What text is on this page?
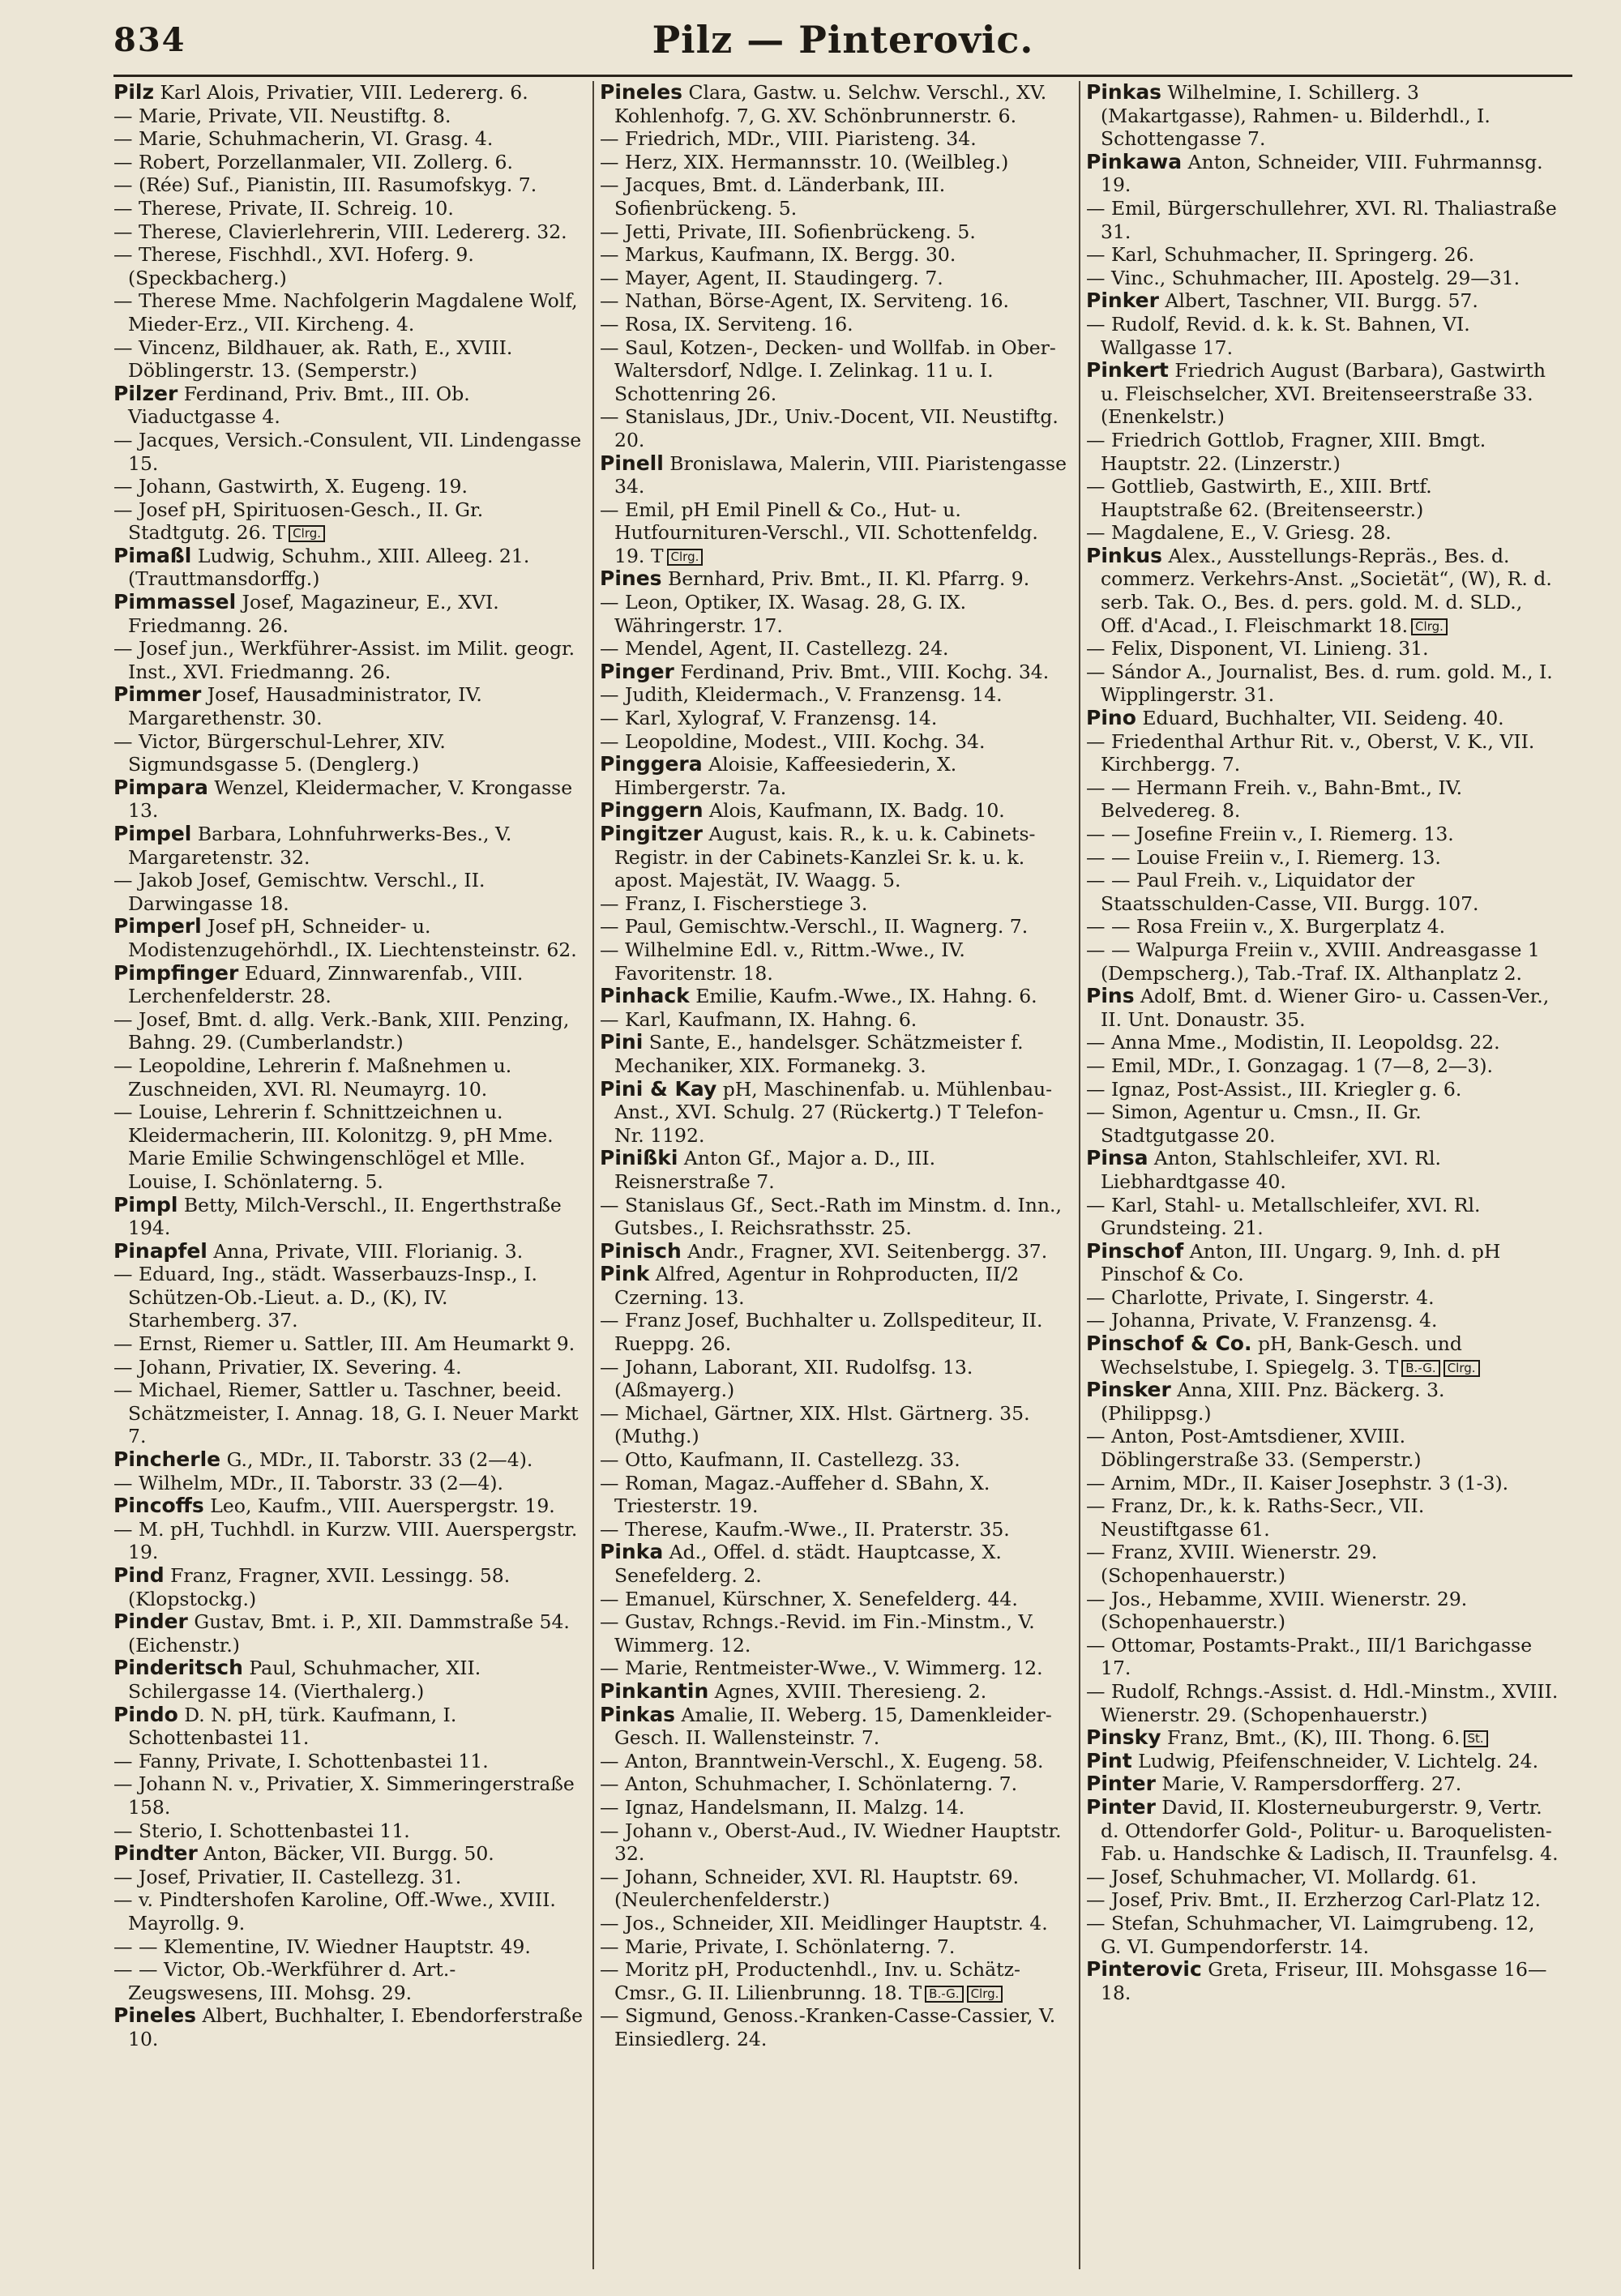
834	Pilz — Pinterovic.

Pilz Karl Alois, Privatier, VIII. Ledererg. 6.

— Marie, Private, VII. Neustiftg. 8.

— Marie, Schuhmacherin, VI. Grasg. 4.

— Robert, Porzellanmaler, VII. Zollerg. 6.

— (Rée) Suf., Pianistin, III. Rasumofskyg. 7.

— Therese, Private, II. Schreig. 10.

— Therese, Clavierlehrerin, VIII. Ledererg. 32.

— Therese, Fischhdl., XVI. Hoferg. 9. (Speckbacherg.)

— Therese Mme. Nachfolgerin Magdalene Wolf, Mieder-Erz., VII. Kircheng. 4.

— Vincenz, Bildhauer, ak. Rath, E., XVIII. Döblingerstr. 13. (Semperstr.)

Pilzer Ferdinand, Priv. Bmt., III. Ob. Viaductgasse 4.

— Jacques, Versich.-Consulent, VII. Lindengasse 15.

— Johann, Gastwirth, X. Eugeng. 19.

— Josef pH, Spirituosen-Gesch., II. Gr. Stadtgutg. 26. T Clrg.

Pimaßl Ludwig, Schuhm., XIII. Alleeg. 21. (Trauttmansdorffg.)

Pimmassel Josef, Magazineur, E., XVI. Friedmanng. 26.

— Josef jun., Werkführer-Assist. im Milit. geogr. Inst., XVI. Friedmanng. 26.

Pimmer Josef, Hausadministrator, IV. Margarethenstr. 30.

— Victor, Bürgerschul-Lehrer, XIV. Sigmundsgasse 5. (Denglerg.)

Pimpara Wenzel, Kleidermacher, V. Krongasse 13.

Pimpel Barbara, Lohnfuhrwerks-Bes., V. Margaretenstr. 32.

— Jakob Josef, Gemischtw. Verschl., II. Darwingasse 18.

Pimperl Josef pH, Schneider- u. Modistenzugehörhdl., IX. Liechtensteinstr. 62.

Pimpfinger Eduard, Zinnwarenfab., VIII. Lerchenfelderstr. 28.

— Josef, Bmt. d. allg. Verk.-Bank, XIII. Penzing, Bahng. 29. (Cumberlandstr.)

— Leopoldine, Lehrerin f. Maßnehmen u. Zuschneiden, XVI. Rl. Neumayrg. 10.

— Louise, Lehrerin f. Schnittzeichnen u. Kleidermacherin, III. Kolonitzg. 9, pH Mme. Marie Emilie Schwingenschlögel et Mlle. Louise, I. Schönlaterng. 5.

Pimpl Betty, Milch-Verschl., II. Engerthstraße 194.

Pinapfel Anna, Private, VIII. Florianig. 3.

— Eduard, Ing., städt. Wasserbauzs-Insp., I. Schützen-Ob.-Lieut. a. D., (K), IV. Starhemberg. 37.

— Ernst, Riemer u. Sattler, III. Am Heumarkt 9.

— Johann, Privatier, IX. Severing. 4.

— Michael, Riemer, Sattler u. Taschner, beeid. Schätzmeister, I. Annag. 18, G. I. Neuer Markt 7.

Pincherle G., MDr., II. Taborstr. 33 (2—4).

— Wilhelm, MDr., II. Taborstr. 33 (2—4).

Pincoffs Leo, Kaufm., VIII. Auerspergstr. 19.

— M. pH, Tuchhdl. in Kurzw. VIII. Auerspergstr. 19.

Pind Franz, Fragner, XVII. Lessingg. 58. (Klopstockg.)

Pinder Gustav, Bmt. i. P., XII. Dammstraße 54. (Eichenstr.)

Pinderitsch Paul, Schuhmacher, XII. Schilergasse 14. (Vierthalerg.)

Pindo D. N. pH, türk. Kaufmann, I. Schottenbastei 11.

— Fanny, Private, I. Schottenbastei 11.

— Johann N. v., Privatier, X. Simmeringerstraße 158.

— Sterio, I. Schottenbastei 11.

Pindter Anton, Bäcker, VII. Burgg. 50.

— Josef, Privatier, II. Castellezg. 31.

— v. Pindtershofen Karoline, Off.-Wwe., XVIII. Mayrollg. 9.

— — Klementine, IV. Wiedner Hauptstr. 49.

— — Victor, Ob.-Werkführer d. Art.-Zeugswesens, III. Mohsg. 29.

Pineles Albert, Buchhalter, I. Ebendorferstraße 10.

Pineles Clara, Gastw. u. Selchw. Verschl., XV. Kohlenhofg. 7, G. XV. Schönbrunnerstr. 6.

— Friedrich, MDr., VIII. Piaristeng. 34.

— Herz, XIX. Hermannsstr. 10. (Weilbleg.)

— Jacques, Bmt. d. Länderbank, III. Sofienbrückeng. 5.

— Jetti, Private, III. Sofienbrückeng. 5.

— Markus, Kaufmann, IX. Bergg. 30.

— Mayer, Agent, II. Staudingerg. 7.

— Nathan, Börse-Agent, IX. Serviteng. 16.

— Rosa, IX. Serviteng. 16.

— Saul, Kotzen-, Decken- und Wollfab. in Ober-Waltersdorf, Ndlge. I. Zelinkag. 11 u. I. Schottenring 26.

— Stanislaus, JDr., Univ.-Docent, VII. Neustiftg. 20.

Pinell Bronislawa, Malerin, VIII. Piaristengasse 34.

— Emil, pH Emil Pinell & Co., Hut- u. Hutfournituren-Verschl., VII. Schottenfeldg. 19. T Clrg.

Pines Bernhard, Priv. Bmt., II. Kl. Pfarrg. 9.

— Leon, Optiker, IX. Wasag. 28, G. IX. Währingerstr. 17.

— Mendel, Agent, II. Castellezg. 24.

Pinger Ferdinand, Priv. Bmt., VIII. Kochg. 34.

— Judith, Kleidermach., V. Franzensg. 14.

— Karl, Xylograf, V. Franzensg. 14.

— Leopoldine, Modest., VIII. Kochg. 34.

Pinggera Aloisie, Kaffeesiederin, X. Himbergerstr. 7a.

Pinggern Alois, Kaufmann, IX. Badg. 10.

Pingitzer August, kais. R., k. u. k. Cabinets-Registr. in der Cabinets-Kanzlei Sr. k. u. k. apost. Majestät, IV. Waagg. 5.

— Franz, I. Fischerstiege 3.

— Paul, Gemischtw.-Verschl., II. Wagnerg. 7.

— Wilhelmine Edl. v., Rittm.-Wwe., IV. Favoritenstr. 18.

Pinhack Emilie, Kaufm.-Wwe., IX. Hahng. 6.

— Karl, Kaufmann, IX. Hahng. 6.

Pini Sante, E., handelsger. Schätzmeister f. Mechaniker, XIX. Formanekg. 3.

Pini & Kay pH, Maschinenfab. u. Mühlenbau-Anst., XVI. Schulg. 27 (Rückertg.) T Telefon-Nr. 1192.

Pinißki Anton Gf., Major a. D., III. Reisnerstraße 7.

— Stanislaus Gf., Sect.-Rath im Minstm. d. Inn., Gutsbes., I. Reichsrathsstr. 25.

Pinisch Andr., Fragner, XVI. Seitenbergg. 37.

Pink Alfred, Agentur in Rohproducten, II/2 Czerning. 13.

— Franz Josef, Buchhalter u. Zollspediteur, II. Rueppg. 26.

— Johann, Laborant, XII. Rudolfsg. 13. (Aßmayerg.)

— Michael, Gärtner, XIX. Hlst. Gärtnerg. 35. (Muthg.)

— Otto, Kaufmann, II. Castellezg. 33.

— Roman, Magaz.-Auffeher d. SBahn, X. Triesterstr. 19.

— Therese, Kaufm.-Wwe., II. Praterstr. 35.

Pinka Ad., Offel. d. städt. Hauptcasse, X. Senefelderg. 2.

— Emanuel, Kürschner, X. Senefelderg. 44.

— Gustav, Rchngs.-Revid. im Fin.-Minstm., V. Wimmerg. 12.

— Marie, Rentmeister-Wwe., V. Wimmerg. 12.

Pinkantin Agnes, XVIII. Theresieng. 2.

Pinkas Amalie, II. Weberg. 15, Damenkleider-Gesch. II. Wallensteinstr. 7.

— Anton, Branntwein-Verschl., X. Eugeng. 58.

— Anton, Schuhmacher, I. Schönlaterng. 7.

— Ignaz, Handelsmann, II. Malzg. 14.

— Johann v., Oberst-Aud., IV. Wiedner Hauptstr. 32.

— Johann, Schneider, XVI. Rl. Hauptstr. 69. (Neulerchenfelderstr.)

— Jos., Schneider, XII. Meidlinger Hauptstr. 4.

— Marie, Private, I. Schönlaterng. 7.

— Moritz pH, Productenhdl., Inv. u. Schätz-Cmsr., G. II. Lilienbrunng. 18. T B.-G. Clrg.

— Sigmund, Genoss.-Kranken-Casse-Cassier, V. Einsiedlerg. 24.

Pinkas Wilhelmine, I. Schillerg. 3 (Makartgasse), Rahmen- u. Bilderhdl., I. Schottengasse 7.

Pinkawa Anton, Schneider, VIII. Fuhrmannsg. 19.

— Emil, Bürgerschullehrer, XVI. Rl. Thaliastraße 31.

— Karl, Schuhmacher, II. Springerg. 26.

— Vinc., Schuhmacher, III. Apostelg. 29—31.

Pinker Albert, Taschner, VII. Burgg. 57.

— Rudolf, Revid. d. k. k. St. Bahnen, VI. Wallgasse 17.

Pinkert Friedrich August (Barbara), Gastwirth u. Fleischselcher, XVI. Breitenseerstraße 33. (Enenkelstr.)

— Friedrich Gottlob, Fragner, XIII. Bmgt. Hauptstr. 22. (Linzerstr.)

— Gottlieb, Gastwirth, E., XIII. Brtf. Hauptstraße 62. (Breitenseerstr.)

— Magdalene, E., V. Griesg. 28.

Pinkus Alex., Ausstellungs-Repräs., Bes. d. commerz. Verkehrs-Anst. „Societät“, (W), R. d. serb. Tak. O., Bes. d. pers. gold. M. d. SLD., Off. d'Acad., I. Fleischmarkt 18. Clrg.

— Felix, Disponent, VI. Linieng. 31.

— Sándor A., Journalist, Bes. d. rum. gold. M., I. Wipplingerstr. 31.

Pino Eduard, Buchhalter, VII. Seideng. 40.

— Friedenthal Arthur Rit. v., Oberst, V. K., VII. Kirchbergg. 7.

— — Hermann Freih. v., Bahn-Bmt., IV. Belvedereg. 8.

— — Josefine Freiin v., I. Riemerg. 13.

— — Louise Freiin v., I. Riemerg. 13.

— — Paul Freih. v., Liquidator der Staatsschulden-Casse, VII. Burgg. 107.

— — Rosa Freiin v., X. Burgerplatz 4.

— — Walpurga Freiin v., XVIII. Andreasgasse 1 (Dempscherg.), Tab.-Traf. IX. Althanplatz 2.

Pins Adolf, Bmt. d. Wiener Giro- u. Cassen-Ver., II. Unt. Donaustr. 35.

— Anna Mme., Modistin, II. Leopoldsg. 22.

— Emil, MDr., I. Gonzagag. 1 (7—8, 2—3).

— Ignaz, Post-Assist., III. Kriegler g. 6.

— Simon, Agentur u. Cmsn., II. Gr. Stadtgutgasse 20.

Pinsa Anton, Stahlschleifer, XVI. Rl. Liebhardtgasse 40.

— Karl, Stahl- u. Metallschleifer, XVI. Rl. Grundsteing. 21.

Pinschof Anton, III. Ungarg. 9, Inh. d. pH Pinschof & Co.

— Charlotte, Private, I. Singerstr. 4.

— Johanna, Private, V. Franzensg. 4.

Pinschof & Co. pH, Bank-Gesch. und Wechselstube, I. Spiegelg. 3. T B.-G. Clrg.

Pinsker Anna, XIII. Pnz. Bäckerg. 3. (Philippsg.)

— Anton, Post-Amtsdiener, XVIII. Döblingerstraße 33. (Semperstr.)

— Arnim, MDr., II. Kaiser Josephstr. 3 (1-3).

— Franz, Dr., k. k. Raths-Secr., VII. Neustiftgasse 61.

— Franz, XVIII. Wienerstr. 29. (Schopenhauerstr.)

— Jos., Hebamme, XVIII. Wienerstr. 29. (Schopenhauerstr.)

— Ottomar, Postamts-Prakt., III/1 Barichgasse 17.

— Rudolf, Rchngs.-Assist. d. Hdl.-Minstm., XVIII. Wienerstr. 29. (Schopenhauerstr.)

Pinsky Franz, Bmt., (K), III. Thong. 6. St.

Pint Ludwig, Pfeifenschneider, V. Lichtelg. 24.

Pinter Marie, V. Rampersdorfferg. 27.

Pinter David, II. Klosterneuburgerstr. 9, Vertr. d. Ottendorfer Gold-, Politur- u. Baroquelisten-Fab. u. Handschke & Ladisch, II. Traunfelsg. 4.

— Josef, Schuhmacher, VI. Mollardg. 61.

— Josef, Priv. Bmt., II. Erzherzog Carl-Platz 12.

— Stefan, Schuhmacher, VI. Laimgrubeng. 12, G. VI. Gumpendorferstr. 14.

Pinterovic Greta, Friseur, III. Mohsgasse 16—18.
